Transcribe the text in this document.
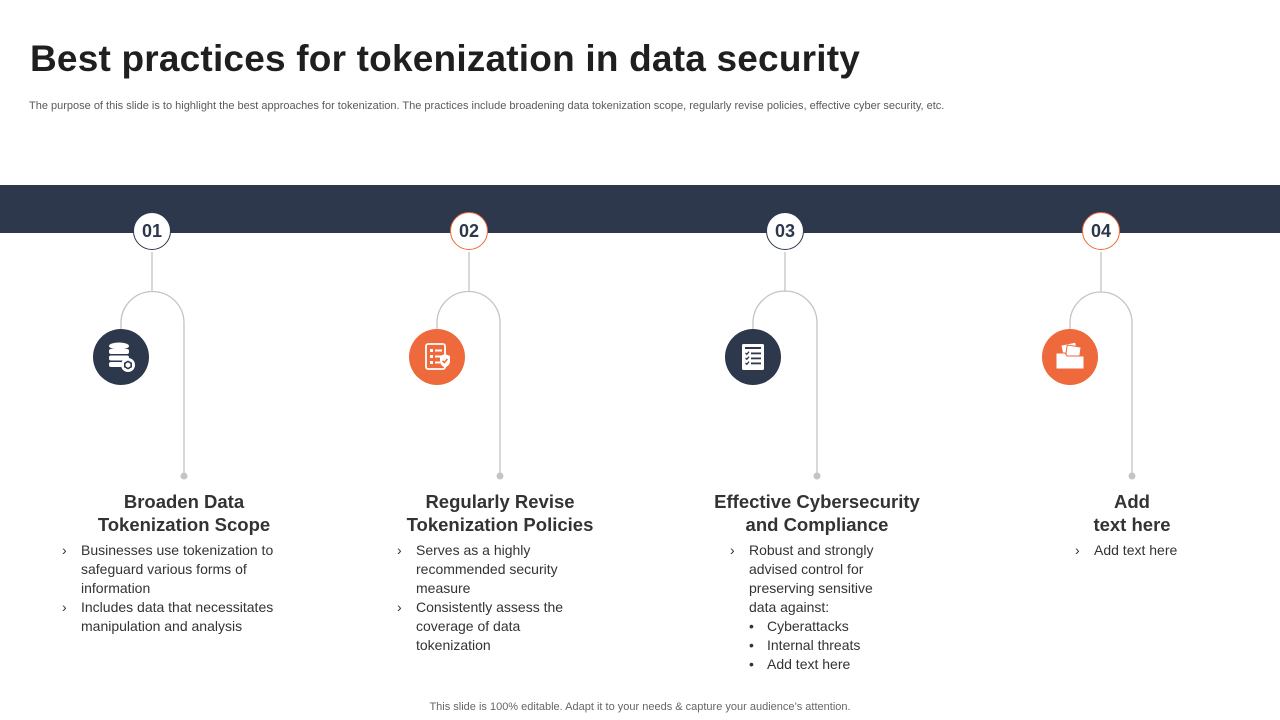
Best practices for tokenization in data security
The purpose of this slide is to highlight the best approaches for tokenization. The practices include broadening data tokenization scope, regularly revise policies, effective cyber security, etc.
01	02	03	04
Broaden Data
Tokenization Scope
Regularly Revise
Tokenization Policies
Effective Cybersecurity
and Compliance
Add
text here
› Businesses use tokenization to safeguard various forms of information
› Includes data that necessitates manipulation and analysis
› Serves as a highly recommended security measure
› Consistently assess the coverage of data tokenization
› Robust and strongly advised control for preserving sensitive data against:
• Cyberattacks
• Internal threats
• Add text here
› Add text here
This slide is 100% editable. Adapt it to your needs & capture your audience’s attention.
